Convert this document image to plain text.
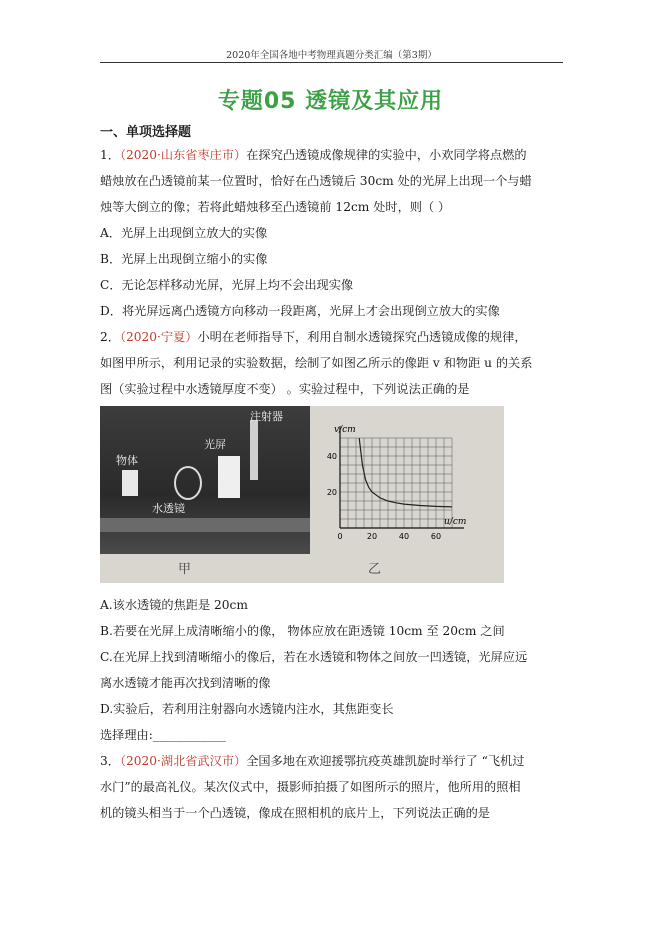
2020年全国各地中考物理真题分类汇编（第3期）
专题05 透镜及其应用
一、单项选择题
1．（2020·山东省枣庄市）在探究凸透镜成像规律的实验中，小欢同学将点燃的
蜡烛放在凸透镜前某一位置时，恰好在凸透镜后 30cm 处的光屏上出现一个与蜡
烛等大倒立的像；若将此蜡烛移至凸透镜前 12cm 处时，则（ ）
A．光屏上出现倒立放大的实像
B．光屏上出现倒立缩小的实像
C．无论怎样移动光屏，光屏上均不会出现实像
D．将光屏远离凸透镜方向移动一段距离，光屏上才会出现倒立放大的实像
2．（2020·宁夏）小明在老师指导下，利用自制水透镜探究凸透镜成像的规律，
如图甲所示，利用记录的实验数据，绘制了如图乙所示的像距 v 和物距 u 的关系
图（实验过程中水透镜厚度不变） 。实验过程中，下列说法正确的是
物体
水透镜
光屏
注射器
甲	乙
0	20	40	60
20
40
v/cm
u/cm
A.该水透镜的焦距是 20cm
B.若要在光屏上成清晰缩小的像， 物体应放在距透镜 10cm 至 20cm 之间
C.在光屏上找到清晰缩小的像后，若在水透镜和物体之间放一凹透镜，光屏应远
离水透镜才能再次找到清晰的像
D.实验后，若利用注射器向水透镜内注水，其焦距变长
选择理由:____________
3．（2020·湖北省武汉市）全国多地在欢迎援鄂抗疫英雄凯旋时举行了 “飞机过
水门”的最高礼仪。某次仪式中，摄影师拍摄了如图所示的照片，他所用的照相
机的镜头相当于一个凸透镜，像成在照相机的底片上，下列说法正确的是
